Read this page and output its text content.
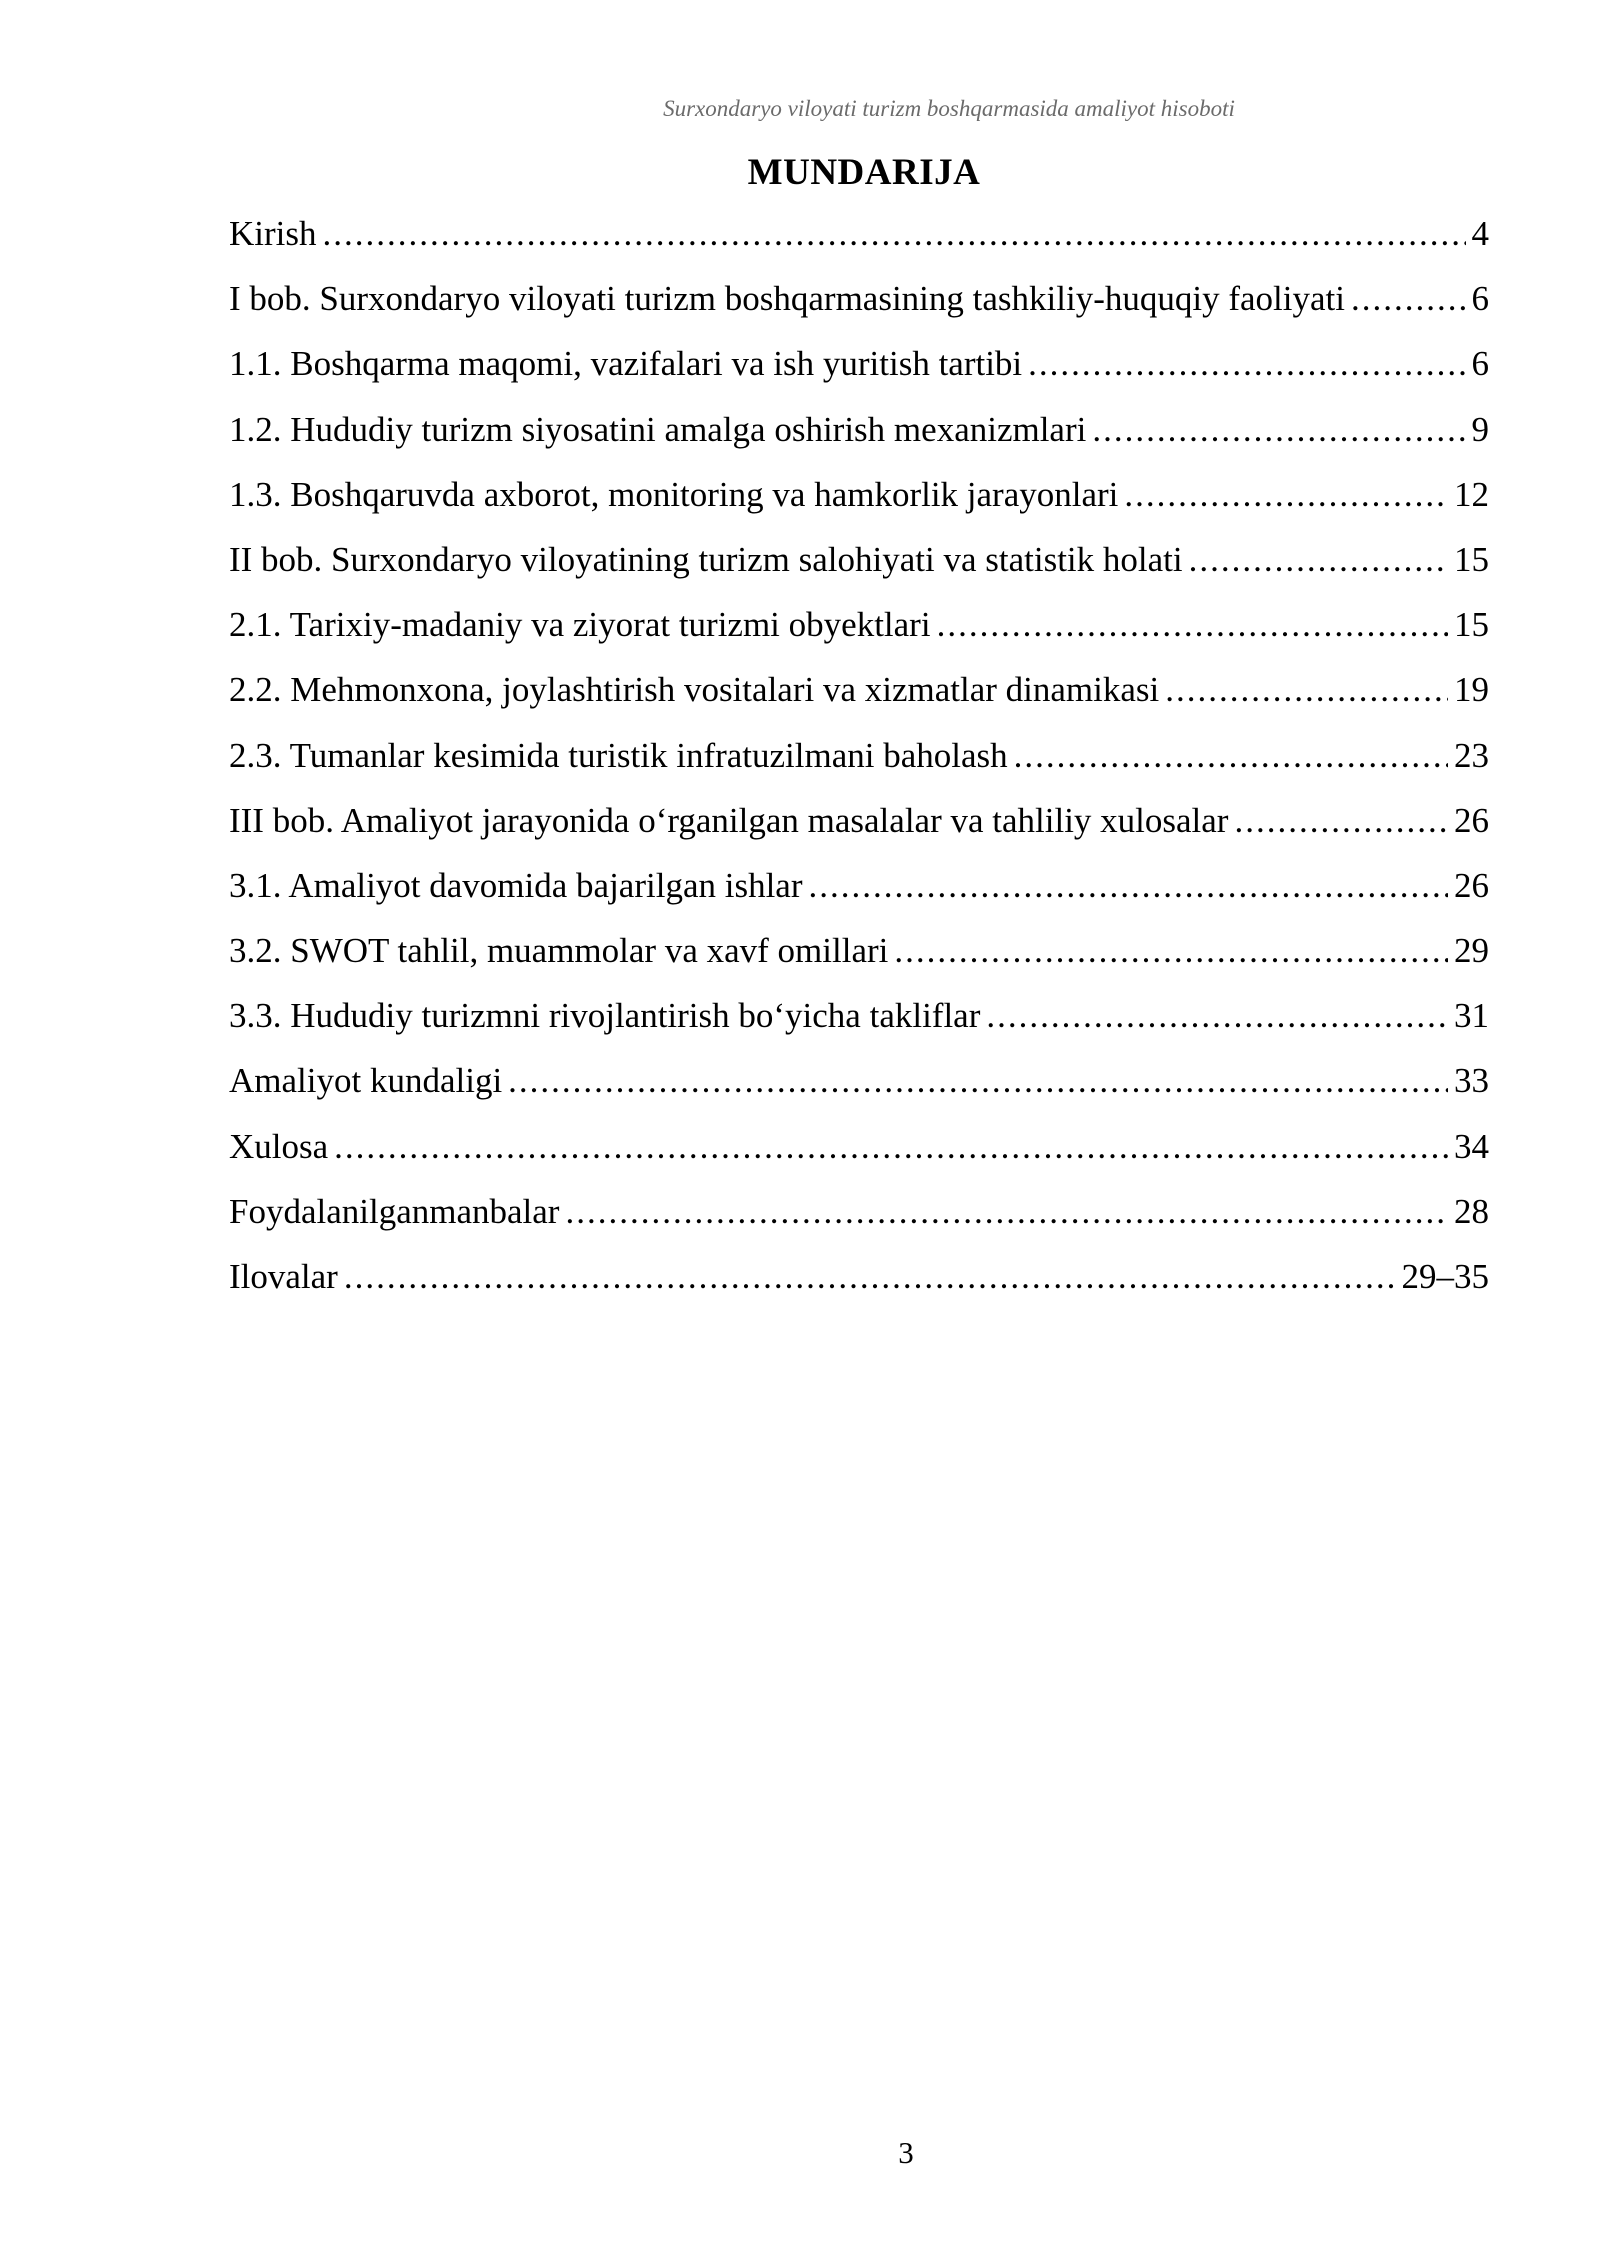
Surxondaryo viloyati turizm boshqarmasida amaliyot hisoboti
MUNDARIJA
Kirish .....	4
I bob. Surxondaryo viloyati turizm boshqarmasining tashkiliy-huquqiy faoliyati .....	6
1.1. Boshqarma maqomi, vazifalari va ish yuritish tartibi .....	6
1.2. Hududiy turizm siyosatini amalga oshirish mexanizmlari .....	9
1.3. Boshqaruvda axborot, monitoring va hamkorlik jarayonlari .....	12
II bob. Surxondaryo viloyatining turizm salohiyati va statistik holati .....	15
2.1. Tarixiy-madaniy va ziyorat turizmi obyektlari .....	15
2.2. Mehmonxona, joylashtirish vositalari va xizmatlar dinamikasi .....	19
2.3. Tumanlar kesimida turistik infratuzilmani baholash .....	23
III bob. Amaliyot jarayonida o‘rganilgan masalalar va tahliliy xulosalar .....	26
3.1. Amaliyot davomida bajarilgan ishlar .....	26
3.2. SWOT tahlil, muammolar va xavf omillari .....	29
3.3. Hududiy turizmni rivojlantirish bo‘yicha takliflar .....	31
Amaliyot kundaligi .....	33
Xulosa .....	34
Foydalanilganmanbalar .....	28
Ilovalar .....	29–35
3
